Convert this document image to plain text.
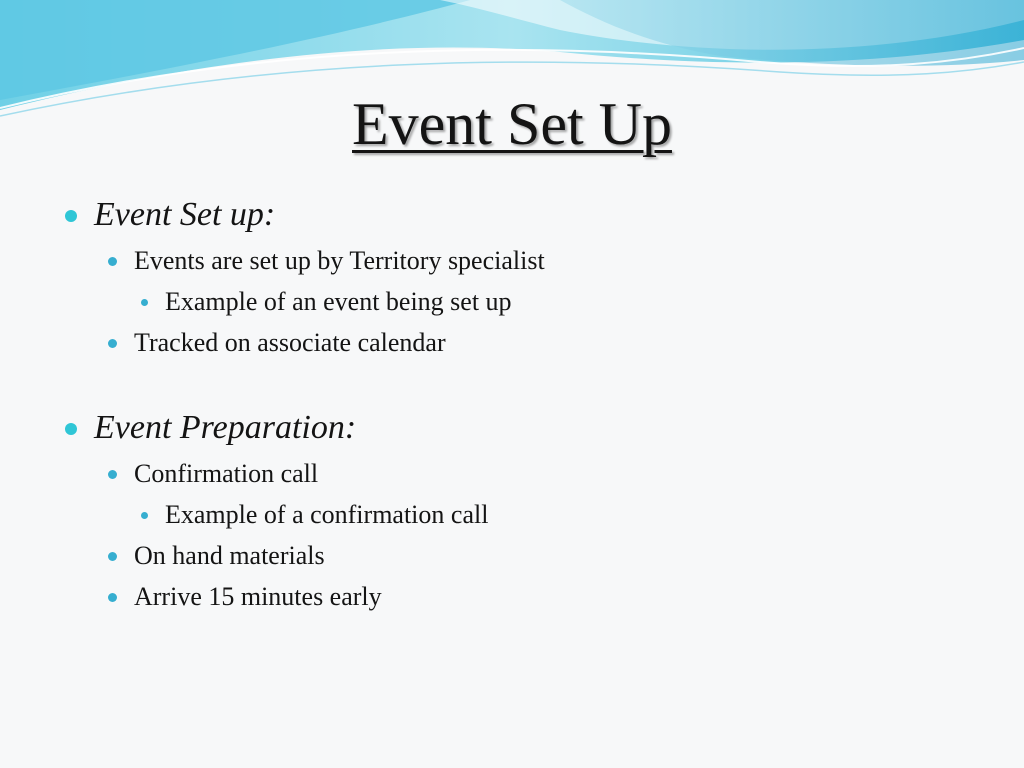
Event Set Up
Event Set up:
Events are set up by Territory specialist
Example of an event being set up
Tracked on associate calendar
Event Preparation:
Confirmation call
Example of a confirmation call
On hand materials
Arrive 15 minutes early
